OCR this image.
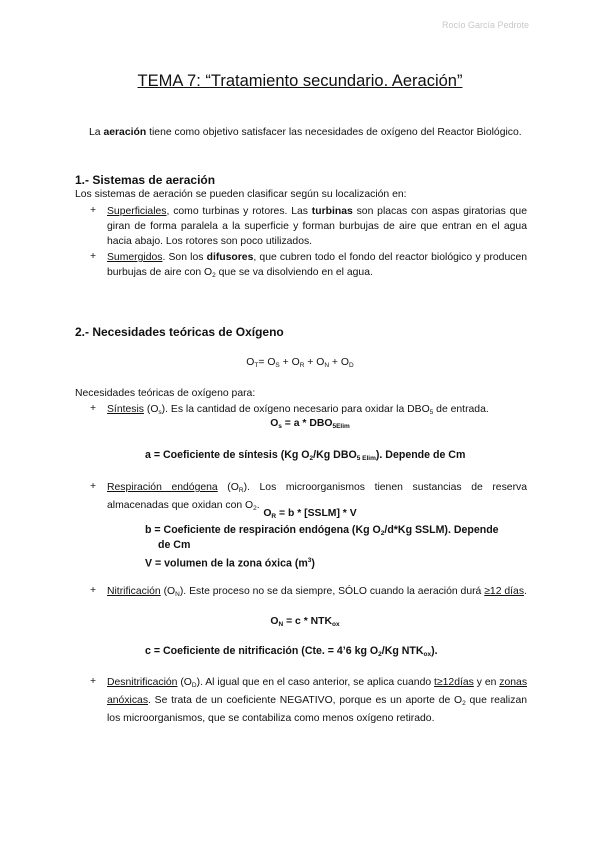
Rocío García Pedrote
TEMA 7: “Tratamiento secundario. Aeración”
La aeración tiene como objetivo satisfacer las necesidades de oxígeno del Reactor Biológico.
1.- Sistemas de aeración
Los sistemas de aeración se pueden clasificar según su localización en:
+ Superficiales, como turbinas y rotores. Las turbinas son placas con aspas giratorias que giran de forma paralela a la superficie y forman burbujas de aire que entran en el agua hacia abajo. Los rotores son poco utilizados.
+ Sumergidos. Son los difusores, que cubren todo el fondo del reactor biológico y producen burbujas de aire con $O_2$ que se va disolviendo en el agua.
2.- Necesidades teóricas de Oxígeno
$O_T= O_S + O_R + O_N + O_D$
Necesidades teóricas de oxígeno para:
+ Síntesis $(O_s)$. Es la cantidad de oxígeno necesario para oxidar la $DBO_5$ de entrada.
$O_s = a * DBO_{5Elim}$
a = Coeficiente de síntesis (Kg $O_2/Kg$ $DBO_{5 Elim}$). Depende de Cm
+ Respiración endógena $(O_R)$. Los microorganismos tienen sustancias de reserva almacenadas que oxidan con $O_2$.
$O_R = b$ * [SSLM] * V
b = Coeficiente de respiración endógena (Kg $O_2/d*Kg$ SSLM). Depende
de Cm
V = volumen de la zona óxica $(m^3)$
+ Nitrificación $(O_N)$. Este proceso no se da siempre, SÓLO cuando la aeración durá ≥12 días.
$O_N = c * NTK_{ox}$
c = Coeficiente de nitrificación (Cte. = 4’6 kg $O_2/Kg$ $NTK_{ox}$).
+ Desnitrificación $(O_D)$. Al igual que en el caso anterior, se aplica cuando t≥12días y en zonas anóxicas. Se trata de un coeficiente NEGATIVO, porque es un aporte de $O_2$ que realizan los microorganismos, que se contabiliza como menos oxígeno retirado.
